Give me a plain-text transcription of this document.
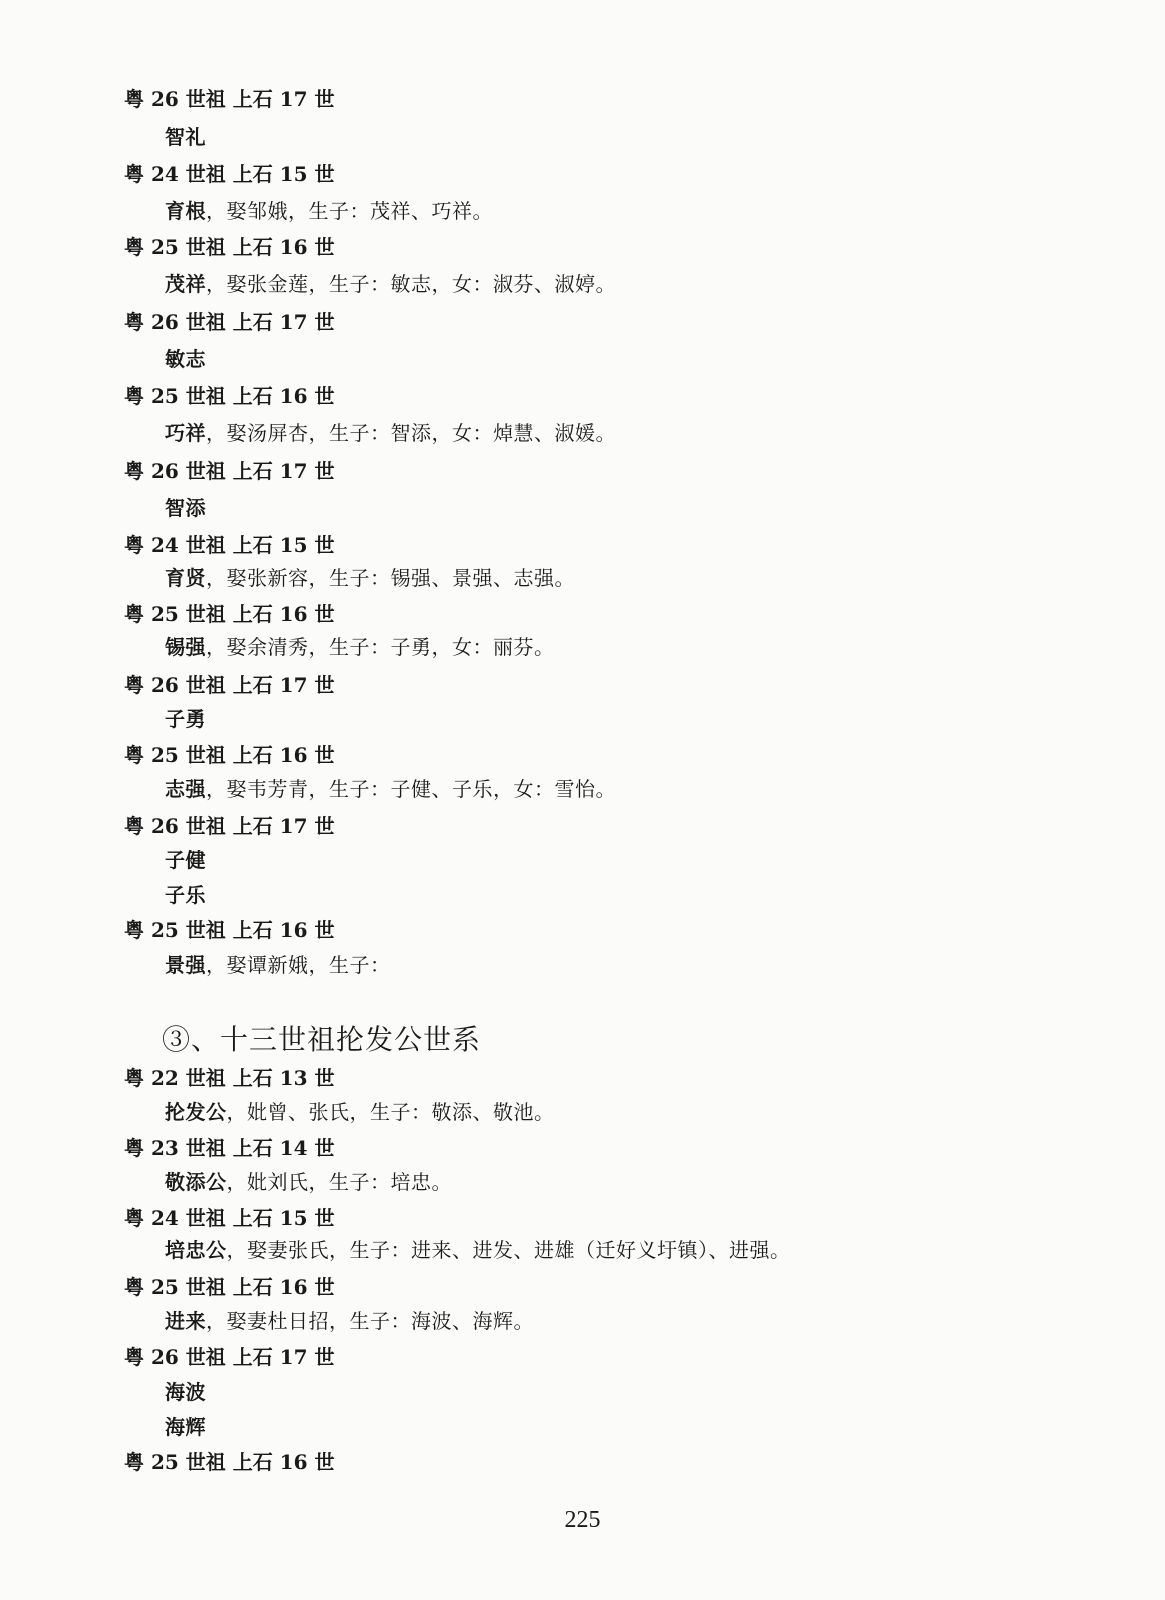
粤 26 世祖 上石 17 世
智礼
粤 24 世祖 上石 15 世
育根，娶邹娥，生子：茂祥、巧祥。
粤 25 世祖 上石 16 世
茂祥，娶张金莲，生子：敏志，女：淑芬、淑婷。
粤 26 世祖 上石 17 世
敏志
粤 25 世祖 上石 16 世
巧祥，娶汤屏杏，生子：智添，女：焯慧、淑媛。
粤 26 世祖 上石 17 世
智添
粤 24 世祖 上石 15 世
育贤，娶张新容，生子：锡强、景强、志强。
粤 25 世祖 上石 16 世
锡强，娶余清秀，生子：子勇，女：丽芬。
粤 26 世祖 上石 17 世
子勇
粤 25 世祖 上石 16 世
志强，娶韦芳青，生子：子健、子乐，女：雪怡。
粤 26 世祖 上石 17 世
子健
子乐
粤 25 世祖 上石 16 世
景强，娶谭新娥，生子：
③、十三世祖抡发公世系
粤 22 世祖 上石 13 世
抡发公，妣曾、张氏，生子：敬添、敬池。
粤 23 世祖 上石 14 世
敬添公，妣刘氏，生子：培忠。
粤 24 世祖 上石 15 世
培忠公，娶妻张氏，生子：进来、进发、进雄（迁好义圩镇）、进强。
粤 25 世祖 上石 16 世
进来，娶妻杜日招，生子：海波、海辉。
粤 26 世祖 上石 17 世
海波
海辉
粤 25 世祖 上石 16 世
225
